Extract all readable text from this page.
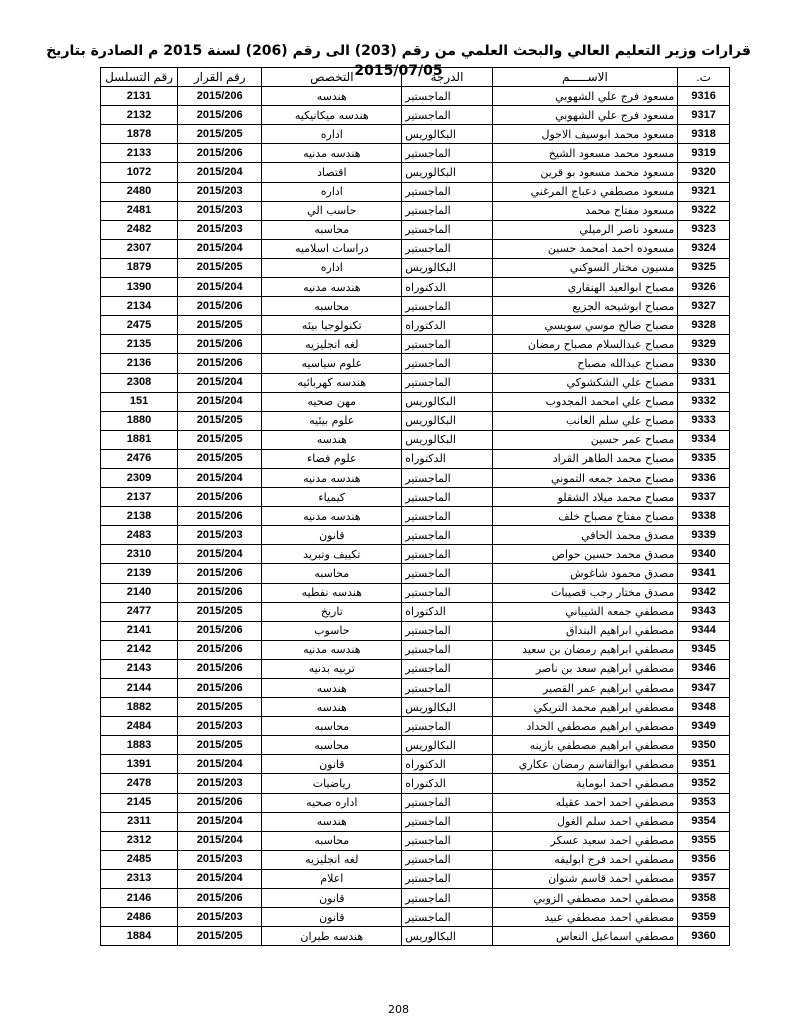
قرارات وزير التعليم العالي والبحث العلمي من رقم (203) الى رقم (206) لسنة 2015 م الصادرة بتاريخ 2015/07/05
رقم التسلسل	رقم القرار	التخصص	الدرجة	الاســـــم	ت.
2131	2015/206	هندسه	الماجستير	مسعود فرج علي الشهوبي	9316
2132	2015/206	هندسه ميكانيكيه	الماجستير	مسعود فرج علي الشهوبي	9317
1878	2015/205	اداره	البكالوريس	مسعود محمد ابوسيف الاحول	9318
2133	2015/206	هندسه مدنيه	الماجستير	مسعود محمد مسعود الشيخ	9319
1072	2015/204	اقتصاد	البكالوريس	مسعود محمد مسعود بو قرين	9320
2480	2015/203	اداره	الماجستير	مسعود مصطفي دعباج المرغني	9321
2481	2015/203	حاسب الي	الماجستير	مسعود مفتاح محمد	9322
2482	2015/203	محاسبه	الماجستير	مسعود ناصر الرميلي	9323
2307	2015/204	دراسات اسلاميه	الماجستير	مسعوده احمد امحمد حسين	9324
1879	2015/205	اداره	البكالوريس	مسيون مختار السوكني	9325
1390	2015/204	هندسه مدنيه	الدكتوراه	مصباح ابوالعيد الهنقاري	9326
2134	2015/206	محاسبه	الماجستير	مصباح ابوشيحه الجزيع	9327
2475	2015/205	تكنولوجيا بيئه	الدكتوراه	مصباح صالح موسي سويسي	9328
2135	2015/206	لغه انجليزيه	الماجستير	مصباح عبدالسلام مصباح رمضان	9329
2136	2015/206	علوم سياسيه	الماجستير	مصباح عبدالله مصباح	9330
2308	2015/204	هندسه كهربائيه	الماجستير	مصباح علي الشكشوكي	9331
151	2015/204	مهن صحيه	البكالوريس	مصباح علي امحمد المجدوب	9332
1880	2015/205	علوم بيئيه	البكالوريس	مصباح علي سلم العانب	9333
1881	2015/205	هندسه	البكالوريس	مصباح عمر حسين	9334
2476	2015/205	علوم فضاء	الدكتوراه	مصباح محمد الطاهر القراد	9335
2309	2015/204	هندسه مدنيه	الماجستير	مصباح محمد جمعه التموني	9336
2137	2015/206	كيمياء	الماجستير	مصباح محمد ميلاد الشقلو	9337
2138	2015/206	هندسه مدنيه	الماجستير	مصباح مفتاح مصباح خلف	9338
2483	2015/203	قانون	الماجستير	مصدق محمد الحافي	9339
2310	2015/204	تكييف وتبريد	الماجستير	مصدق محمد حسين حواص	9340
2139	2015/206	محاسبه	الماجستير	مصدق محمود شاغوش	9341
2140	2015/206	هندسه نفطيه	الماجستير	مصدق مختار رجب قصيبات	9342
2477	2015/205	تاريخ	الدكتوراه	مصطفي جمعه الشيباني	9343
2141	2015/206	حاسوب	الماجستير	مصطفي ابراهيم البنداق	9344
2142	2015/206	هندسه مدنيه	الماجستير	مصطفي ابراهيم رمضان بن سعيد	9345
2143	2015/206	تربيه بدنيه	الماجستير	مصطفي ابراهيم سعد بن ناصر	9346
2144	2015/206	هندسه	الماجستير	مصطفي ابراهيم عمر القصير	9347
1882	2015/205	هندسه	البكالوريس	مصطفي ابراهيم محمد التريكي	9348
2484	2015/203	محاسبه	الماجستير	مصطفي ابراهيم مصطفي الحداد	9349
1883	2015/205	محاسبه	البكالوريس	مصطفي ابراهيم مصطفي بازينه	9350
1391	2015/204	قانون	الدكتوراه	مصطفي ابوالقاسم رمضان عكاري	9351
2478	2015/203	رياضيات	الدكتوراه	مصطفي احمد ابوماية	9352
2145	2015/206	اداره صحيه	الماجستير	مصطفي احمد احمد عقيله	9353
2311	2015/204	هندسه	الماجستير	مصطفي احمد سلم الغول	9354
2312	2015/204	محاسبه	الماجستير	مصطفي احمد سعيد عسكر	9355
2485	2015/203	لغه انجليزيه	الماجستير	مصطفي احمد فرج ابوليفه	9356
2313	2015/204	اعلام	الماجستير	مصطفي احمد قاسم شتوان	9357
2146	2015/206	قانون	الماجستير	مصطفي احمد مصطفي الزوبي	9358
2486	2015/203	قانون	الماجستير	مصطفي احمد مصطفي عبيد	9359
1884	2015/205	هندسه طيران	البكالوريس	مصطفي اسماعيل النعاس	9360
208
